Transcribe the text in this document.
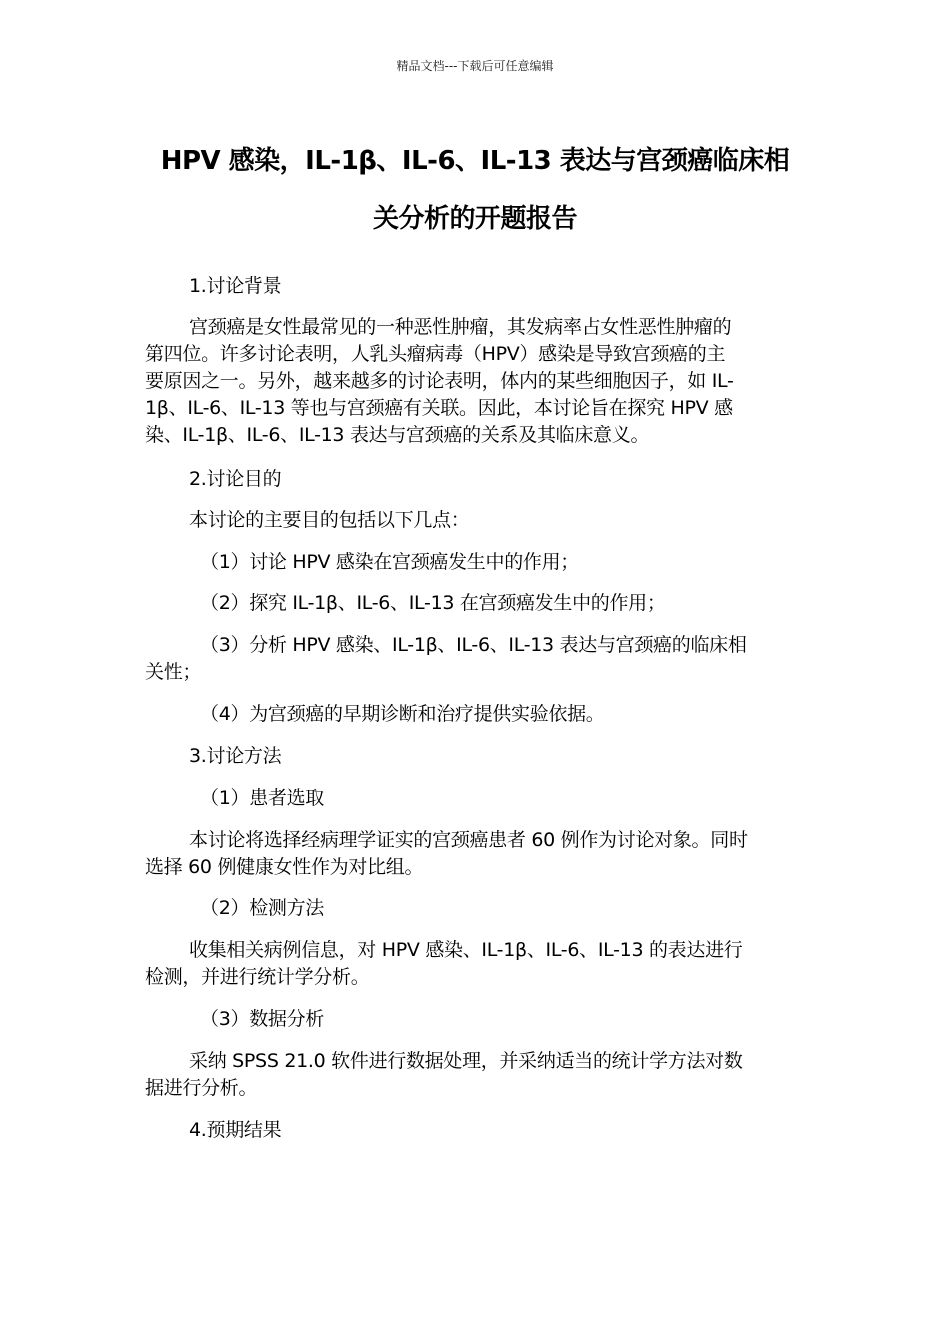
精品文档---下载后可任意编辑
HPV 感染，IL-1β、IL-6、IL-13 表达与宫颈癌临床相
关分析的开题报告
1.讨论背景
宫颈癌是女性最常见的一种恶性肿瘤，其发病率占女性恶性肿瘤的
第四位。许多讨论表明，人乳头瘤病毒（HPV）感染是导致宫颈癌的主
要原因之一。另外，越来越多的讨论表明，体内的某些细胞因子，如 IL-
1β、IL-6、IL-13 等也与宫颈癌有关联。因此，本讨论旨在探究 HPV 感
染、IL-1β、IL-6、IL-13 表达与宫颈癌的关系及其临床意义。
2.讨论目的
本讨论的主要目的包括以下几点：
（1）讨论 HPV 感染在宫颈癌发生中的作用；
（2）探究 IL-1β、IL-6、IL-13 在宫颈癌发生中的作用；
（3）分析 HPV 感染、IL-1β、IL-6、IL-13 表达与宫颈癌的临床相
关性；
（4）为宫颈癌的早期诊断和治疗提供实验依据。
3.讨论方法
（1）患者选取
本讨论将选择经病理学证实的宫颈癌患者 60 例作为讨论对象。同时
选择 60 例健康女性作为对比组。
（2）检测方法
收集相关病例信息，对 HPV 感染、IL-1β、IL-6、IL-13 的表达进行
检测，并进行统计学分析。
（3）数据分析
采纳 SPSS 21.0 软件进行数据处理，并采纳适当的统计学方法对数
据进行分析。
4.预期结果
